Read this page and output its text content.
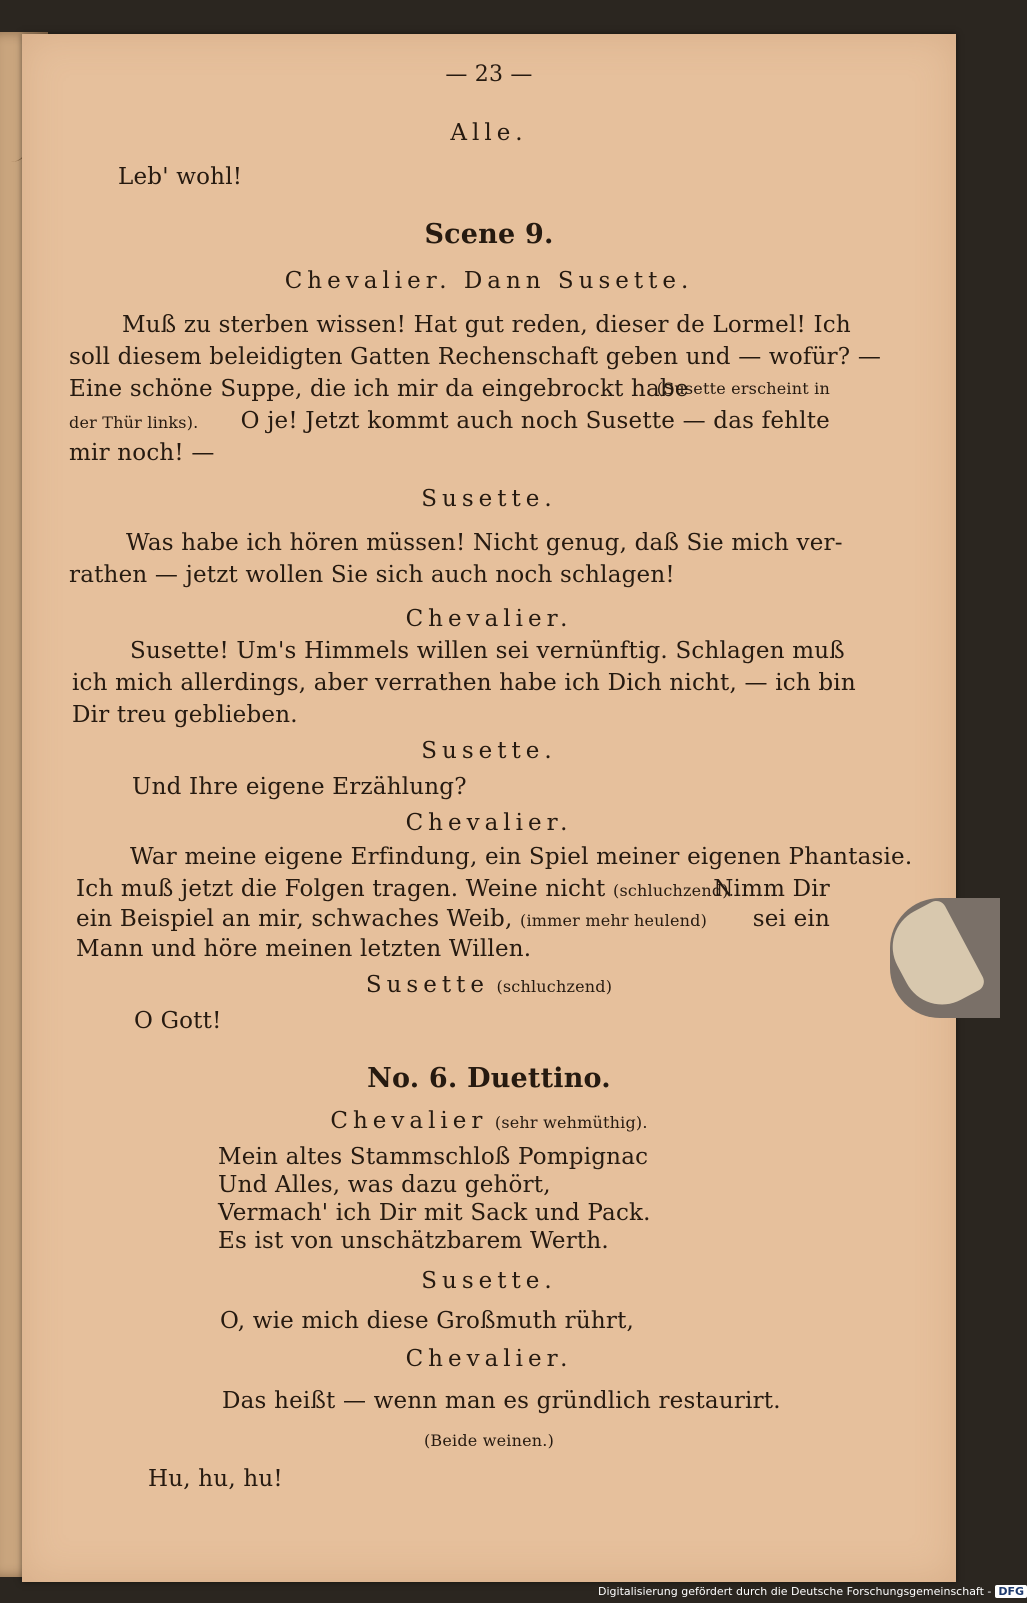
— 23 —
Alle.
Leb' wohl!
Scene 9.
Chevalier. Dann Susette.
Muß zu sterben wissen! Hat gut reden, dieser de Lormel! Ich
soll diesem beleidigten Gatten Rechenschaft geben und — wofür? —
Eine schöne Suppe, die ich mir da eingebrockt habe
(Susette erscheint in
der Thür links). O je! Jetzt kommt auch noch Susette — das fehlte
mir noch! —
Susette.
Was habe ich hören müssen! Nicht genug, daß Sie mich ver-
rathen — jetzt wollen Sie sich auch noch schlagen!
Chevalier.
Susette! Um's Himmels willen sei vernünftig. Schlagen muß
ich mich allerdings, aber verrathen habe ich Dich nicht, — ich bin
Dir treu geblieben.
Susette.
Und Ihre eigene Erzählung?
Chevalier.
War meine eigene Erfindung, ein Spiel meiner eigenen Phantasie.
Ich muß jetzt die Folgen tragen. Weine nicht (schluchzend).
Nimm Dir
ein Beispiel an mir, schwaches Weib, (immer mehr heulend) sei ein
Mann und höre meinen letzten Willen.
Susette (schluchzend)
O Gott!
No. 6. Duettino.
Chevalier (sehr wehmüthig).
Mein altes Stammschloß Pompignac
Und Alles, was dazu gehört,
Vermach' ich Dir mit Sack und Pack.
Es ist von unschätzbarem Werth.
Susette.
O, wie mich diese Großmuth rührt,
Chevalier.
Das heißt — wenn man es gründlich restaurirt.
(Beide weinen.)
Hu, hu, hu!
Digitalisierung gefördert durch die Deutsche Forschungsgemeinschaft - DFG
